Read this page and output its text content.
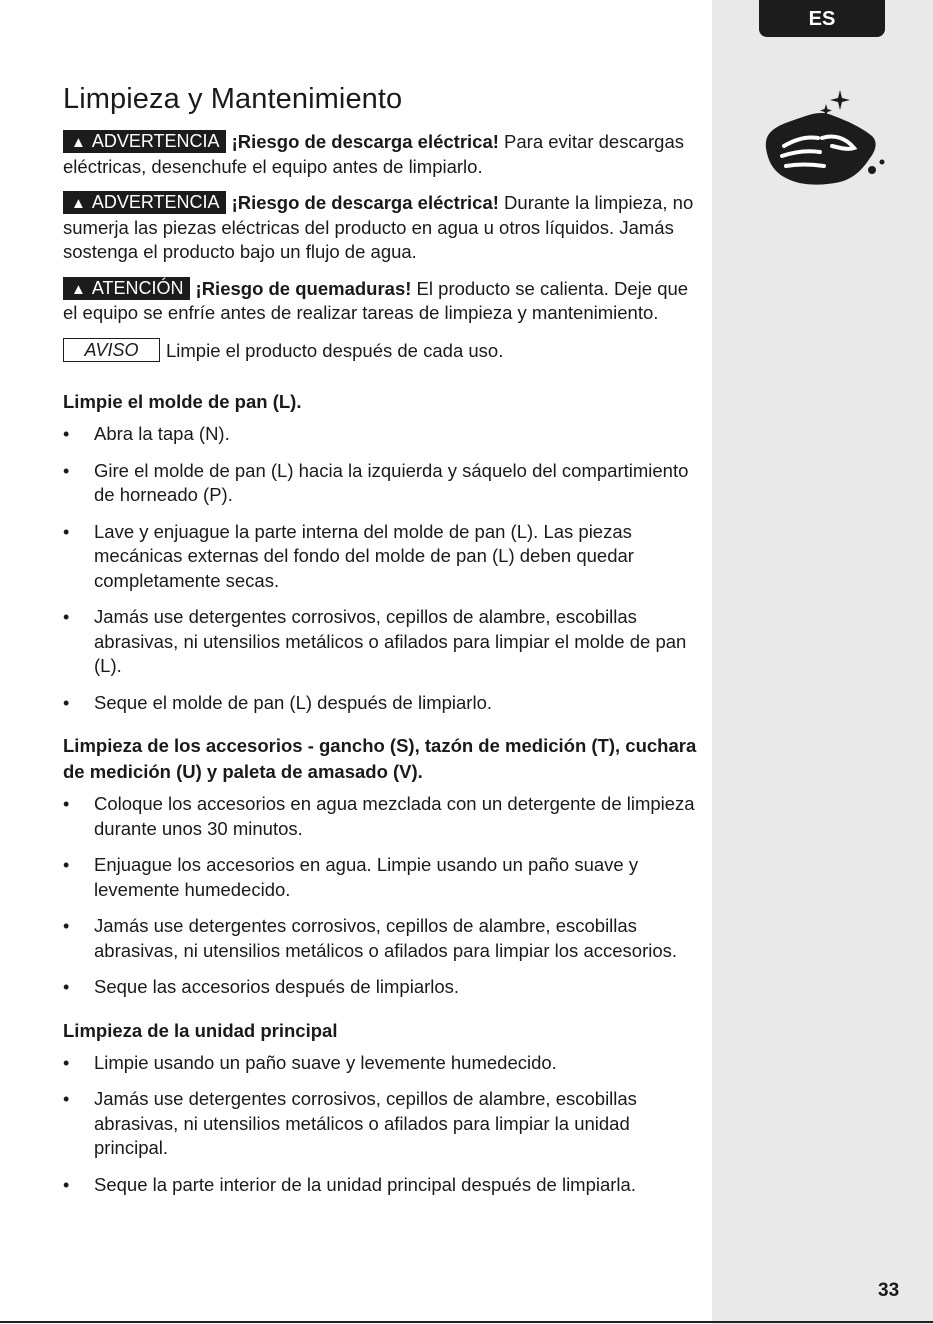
ES
Limpieza y Mantenimiento

▲ ADVERTENCIA ¡Riesgo de descarga eléctrica! Para evitar descargas eléctricas, desenchufe el equipo antes de limpiarlo.

▲ ADVERTENCIA ¡Riesgo de descarga eléctrica! Durante la limpieza, no sumerja las piezas eléctricas del producto en agua u otros líquidos. Jamás sostenga el producto bajo un flujo de agua.

▲ ATENCIÓN ¡Riesgo de quemaduras! El producto se calienta. Deje que el equipo se enfríe antes de realizar tareas de limpieza y mantenimiento.

AVISO Limpie el producto después de cada uso.

Limpie el molde de pan (L).
• Abra la tapa (N).
• Gire el molde de pan (L) hacia la izquierda y sáquelo del compartimiento de horneado (P).
• Lave y enjuague la parte interna del molde de pan (L). Las piezas mecánicas externas del fondo del molde de pan (L) deben quedar completamente secas.
• Jamás use detergentes corrosivos, cepillos de alambre, escobillas abrasivas, ni utensilios metálicos o afilados para limpiar el molde de pan (L).
• Seque el molde de pan (L) después de limpiarlo.
Limpieza de los accesorios - gancho (S), tazón de medición (T), cuchara de medición (U) y paleta de amasado (V).
• Coloque los accesorios en agua mezclada con un detergente de limpieza durante unos 30 minutos.
• Enjuague los accesorios en agua. Limpie usando un paño suave y levemente humedecido.
• Jamás use detergentes corrosivos, cepillos de alambre, escobillas abrasivas, ni utensilios metálicos o afilados para limpiar los accesorios.
• Seque las accesorios después de limpiarlos.
Limpieza de la unidad principal
• Limpie usando un paño suave y levemente humedecido.
• Jamás use detergentes corrosivos, cepillos de alambre, escobillas abrasivas, ni utensilios metálicos o afilados para limpiar la unidad principal.
• Seque la parte interior de la unidad principal después de limpiarla.
33
